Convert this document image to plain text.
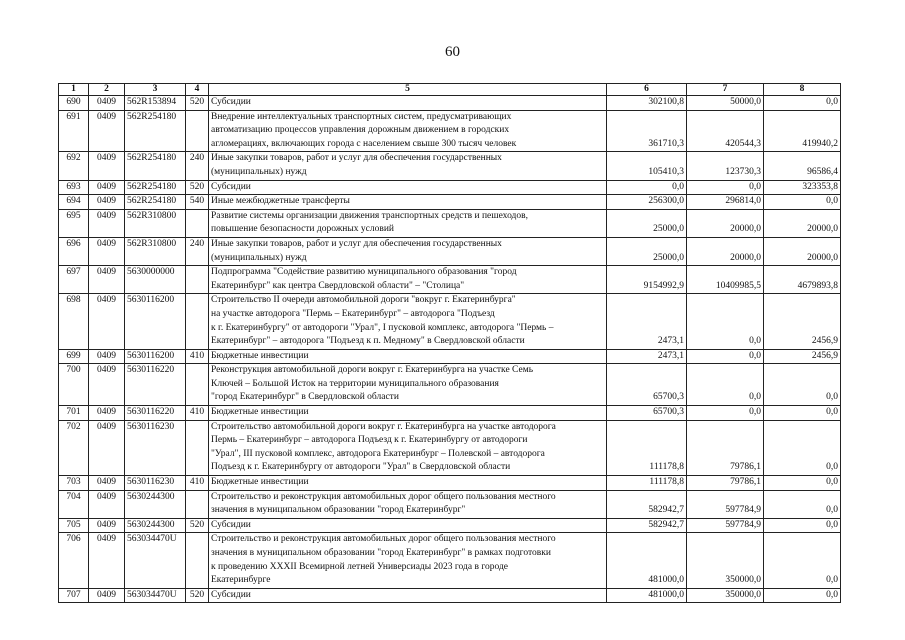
60
1	2	3	4	5	6	7	8
690	0409	562R153894	520	Субсидии	302100,8	50000,0	0,0
691	0409	562R254180		Внедрение интеллектуальных транспортных систем, предусматривающих
автоматизацию процессов управления дорожным движением в городских
агломерациях, включающих города с населением свыше 300 тысяч человек	361710,3	420544,3	419940,2
692	0409	562R254180	240	Иные закупки товаров, работ и услуг для обеспечения государственных
(муниципальных) нужд	105410,3	123730,3	96586,4
693	0409	562R254180	520	Субсидии	0,0	0,0	323353,8
694	0409	562R254180	540	Иные межбюджетные трансферты	256300,0	296814,0	0,0
695	0409	562R310800		Развитие системы организации движения транспортных средств и пешеходов,
повышение безопасности дорожных условий	25000,0	20000,0	20000,0
696	0409	562R310800	240	Иные закупки товаров, работ и услуг для обеспечения государственных
(муниципальных) нужд	25000,0	20000,0	20000,0
697	0409	5630000000		Подпрограмма "Содействие развитию муниципального образования "город
Екатеринбург" как центра Свердловской области" – "Столица"	9154992,9	10409985,5	4679893,8
698	0409	5630116200		Строительство II очереди автомобильной дороги "вокруг г. Екатеринбурга"
на участке автодорога "Пермь – Екатеринбург" – автодорога "Подъезд
к г. Екатеринбургу" от автодороги "Урал", I пусковой комплекс, автодорога "Пермь –
Екатеринбург" – автодорога "Подъезд к п. Медному" в Свердловской области	2473,1	0,0	2456,9
699	0409	5630116200	410	Бюджетные инвестиции	2473,1	0,0	2456,9
700	0409	5630116220		Реконструкция автомобильной дороги вокруг г. Екатеринбурга на участке Семь
Ключей – Большой Исток на территории муниципального образования
"город Екатеринбург" в Свердловской области	65700,3	0,0	0,0
701	0409	5630116220	410	Бюджетные инвестиции	65700,3	0,0	0,0
702	0409	5630116230		Строительство автомобильной дороги вокруг г. Екатеринбурга на участке автодорога
Пермь – Екатеринбург – автодорога Подъезд к г. Екатеринбургу от автодороги
"Урал", III пусковой комплекс, автодорога Екатеринбург – Полевской – автодорога
Подъезд к г. Екатеринбургу от автодороги "Урал" в Свердловской области	111178,8	79786,1	0,0
703	0409	5630116230	410	Бюджетные инвестиции	111178,8	79786,1	0,0
704	0409	5630244300		Строительство и реконструкция автомобильных дорог общего пользования местного
значения в муниципальном образовании "город Екатеринбург"	582942,7	597784,9	0,0
705	0409	5630244300	520	Субсидии	582942,7	597784,9	0,0
706	0409	563034470U		Строительство и реконструкция автомобильных дорог общего пользования местного
значения в муниципальном образовании "город Екатеринбург" в рамках подготовки
к проведению XXXII Всемирной летней Универсиады 2023 года в городе
Екатеринбурге	481000,0	350000,0	0,0
707	0409	563034470U	520	Субсидии	481000,0	350000,0	0,0
